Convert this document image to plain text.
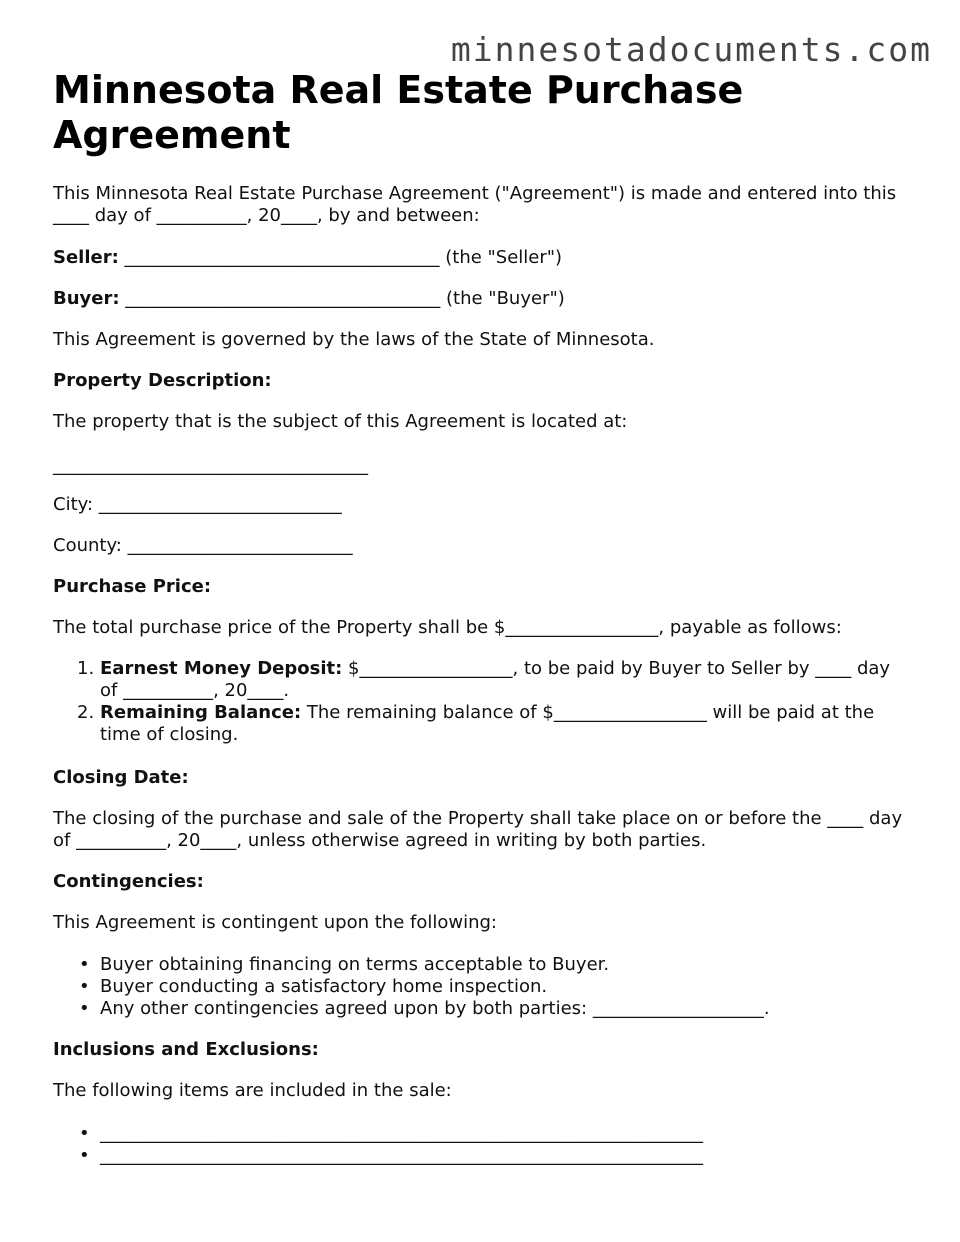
minnesotadocuments.com
Minnesota Real Estate Purchase Agreement

This Minnesota Real Estate Purchase Agreement ("Agreement") is made and entered into this ____ day of __________, 20____, by and between:

Seller: ___________________________________ (the "Seller")
Buyer: ___________________________________ (the "Buyer")

This Agreement is governed by the laws of the State of Minnesota.

Property Description:

The property that is the subject of this Agreement is located at:

___________________________________

City: ___________________________

County: _________________________

Purchase Price:

The total purchase price of the Property shall be $_________________, payable as follows:

1. Earnest Money Deposit: $_________________, to be paid by Buyer to Seller by ____ day of __________, 20____.
2. Remaining Balance: The remaining balance of $_________________ will be paid at the time of closing.

Closing Date:

The closing of the purchase and sale of the Property shall take place on or before the ____ day of __________, 20____, unless otherwise agreed in writing by both parties.

Contingencies:

This Agreement is contingent upon the following:

• Buyer obtaining financing on terms acceptable to Buyer.
• Buyer conducting a satisfactory home inspection.
• Any other contingencies agreed upon by both parties: ___________________.

Inclusions and Exclusions:

The following items are included in the sale:

• ___________________________________________________________________
• ___________________________________________________________________
